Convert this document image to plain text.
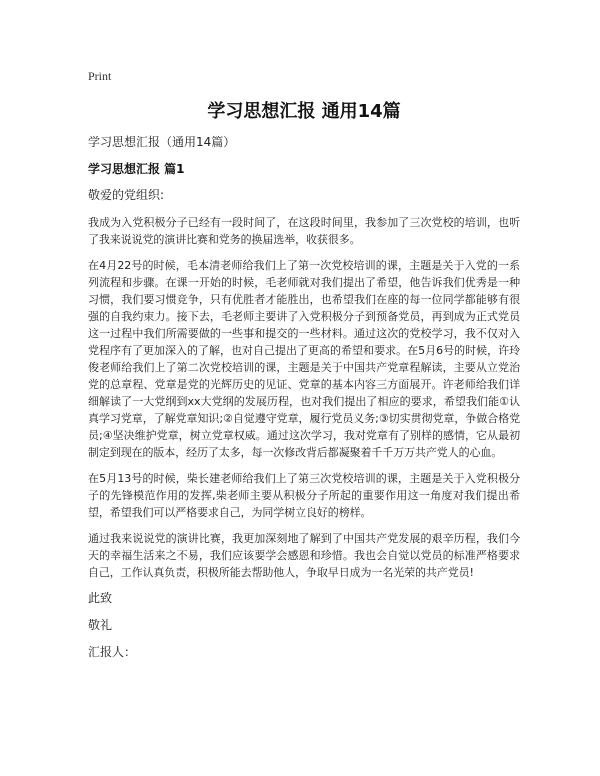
Print
学习思想汇报 通用14篇
学习思想汇报（通用14篇）
学习思想汇报 篇1
敬爱的党组织:

我成为入党积极分子已经有一段时间了，在这段时间里，我参加了三次党校的培训，也听了我来说说党的演讲比赛和党务的换届选举，收获很多。

在4月22号的时候，毛本清老师给我们上了第一次党校培训的课，主题是关于入党的一系列流程和步骤。在课一开始的时候，毛老师就对我们提出了希望，他告诉我们优秀是一种习惯，我们要习惯竞争，只有优胜者才能胜出，也希望我们在座的每一位同学都能够有很强的自我约束力。接下去，毛老师主要讲了入党积极分子到预备党员，再到成为正式党员这一过程中我们所需要做的一些事和提交的一些材料。通过这次的党校学习，我不仅对入党程序有了更加深入的了解，也对自己提出了更高的希望和要求。在5月6号的时候，许玲俊老师给我们上了第二次党校培训的课，主题是关于中国共产党章程解读，主要从立党治党的总章程、党章是党的光辉历史的见证、党章的基本内容三方面展开。许老师给我们详细解读了一大党纲到xx大党纲的发展历程，也对我们提出了相应的要求，希望我们能①认真学习党章，了解党章知识;②自觉遵守党章，履行党员义务;③切实贯彻党章，争做合格党员;④坚决维护党章，树立党章权威。通过这次学习，我对党章有了别样的感情，它从最初制定到现在的版本，经历了太多，每一次修改背后都凝聚着千千万万共产党人的心血。

在5月13号的时候，柴长建老师给我们上了第三次党校培训的课，主题是关于入党积极分子的先锋模范作用的发挥,柴老师主要从积极分子所起的重要作用这一角度对我们提出希望，希望我们可以严格要求自己，为同学树立良好的榜样。

通过我来说说党的演讲比赛，我更加深刻地了解到了中国共产党发展的艰辛历程，我们今天的幸福生活来之不易，我们应该要学会感恩和珍惜。我也会自觉以党员的标准严格要求自己，工作认真负责，积极所能去帮助他人，争取早日成为一名光荣的共产党员!

此致
敬礼
汇报人：
